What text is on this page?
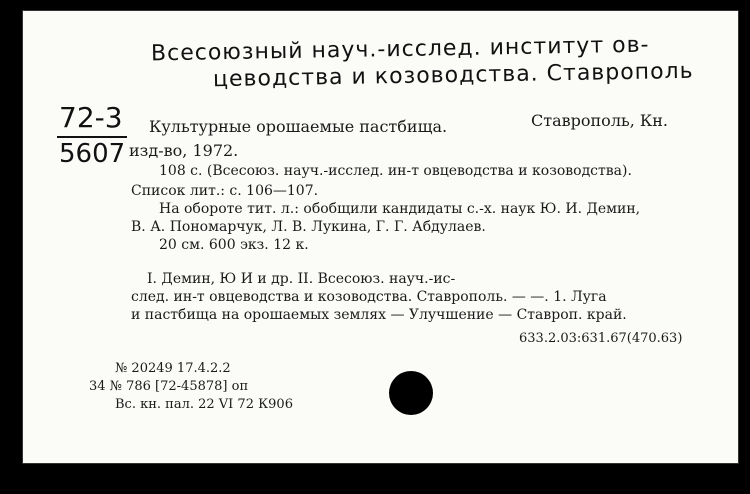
Всесоюзный науч.-исслед. институт ов-
цеводства и козоводства. Ставрополь
72-3
5607
Культурные орошаемые пастбища.	Ставрополь, Кн.
изд-во, 1972.
108 с. (Всесоюз. науч.-исслед. ин-т овцеводства и козоводства).
Список лит.: с. 106—107.
На обороте тит. л.: обобщили кандидаты с.-х. наук Ю. И. Демин,
В. А. Пономарчук, Л. В. Лукина, Г. Г. Абдулаев.
20 см. 600 экз. 12 к.
I. Демин, Ю И и др. II. Всесоюз. науч.-ис-
след. ин-т овцеводства и козоводства. Ставрополь. — —. 1. Луга
и пастбища на орошаемых землях — Улучшение — Ставроп. край.
633.2.03:631.67(470.63)
№ 20249 17.4.2.2
34 № 786 [72-45878] оп
Вс. кн. пал. 22 VI 72 К906
